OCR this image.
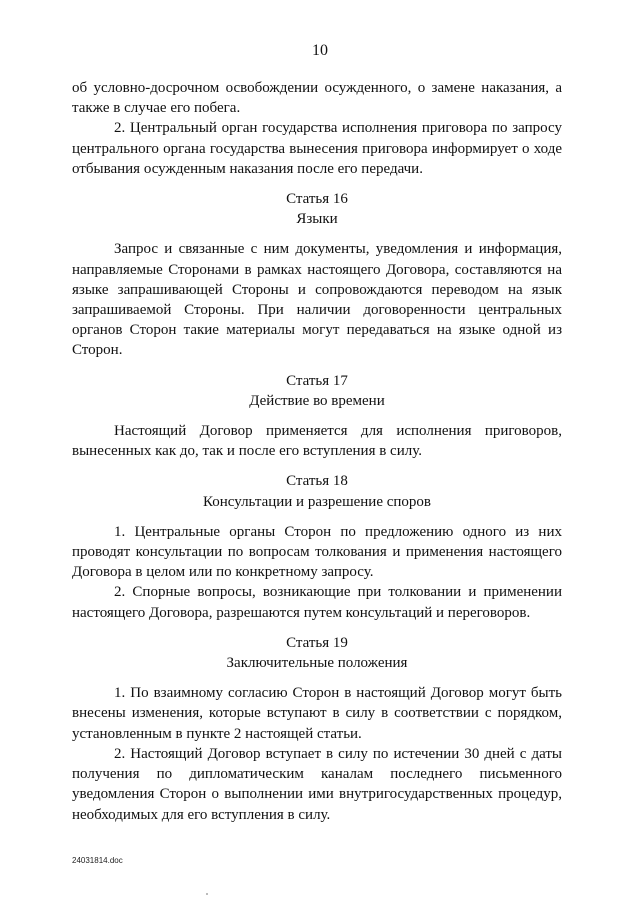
10

об условно-досрочном освобождении осужденного, о замене наказания, а также в случае его побега.

2. Центральный орган государства исполнения приговора по запросу центрального органа государства вынесения приговора информирует о ходе отбывания осужденным наказания после его передачи.

Статья 16

Языки

Запрос и связанные с ним документы, уведомления и информация, направляемые Сторонами в рамках настоящего Договора, составляются на языке запрашивающей Стороны и сопровождаются переводом на язык запрашиваемой Стороны. При наличии договоренности центральных органов Сторон такие материалы могут передаваться на языке одной из Сторон.

Статья 17

Действие во времени

Настоящий Договор применяется для исполнения приговоров, вынесенных как до, так и после его вступления в силу.

Статья 18

Консультации и разрешение споров

1. Центральные органы Сторон по предложению одного из них проводят консультации по вопросам толкования и применения настоящего Договора в целом или по конкретному запросу.

2. Спорные вопросы, возникающие при толковании и применении настоящего Договора, разрешаются путем консультаций и переговоров.

Статья 19

Заключительные положения

1. По взаимному согласию Сторон в настоящий Договор могут быть внесены изменения, которые вступают в силу в соответствии с порядком, установленным в пункте 2 настоящей статьи.

2. Настоящий Договор вступает в силу по истечении 30 дней с даты получения по дипломатическим каналам последнего письменного уведомления Сторон о выполнении ими внутригосударственных процедур, необходимых для его вступления в силу.

24031814.doc
